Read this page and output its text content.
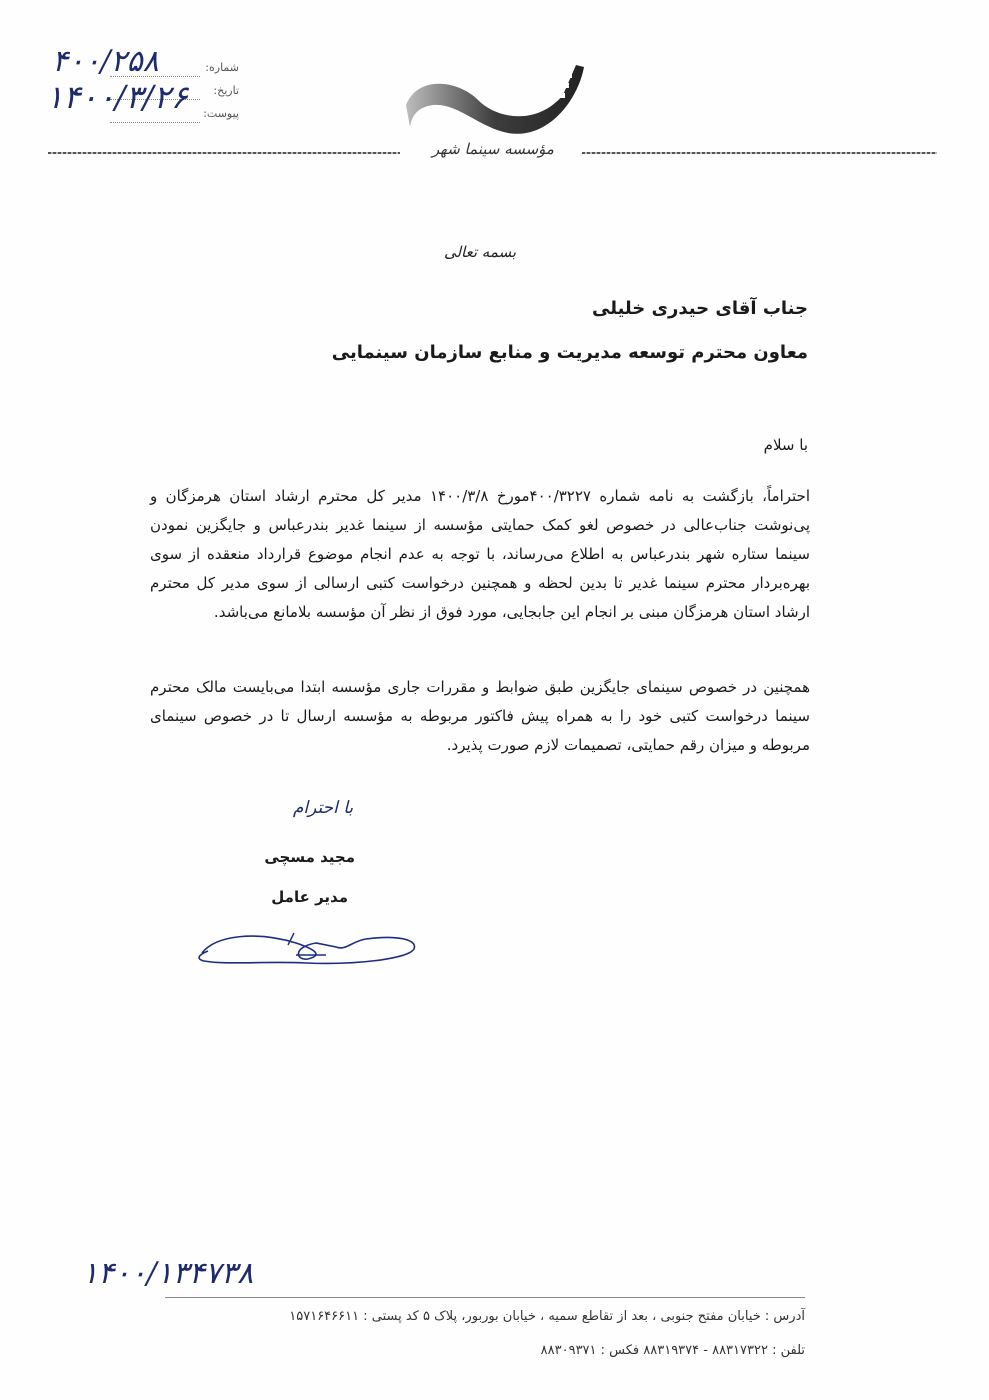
شماره:
تاریخ:
پیوست:
۴۰۰/۲۵۸
۱۴۰۰/۳/۲۶
مؤسسه سینما شهر
بسمه تعالی
جناب آقای حیدری خلیلی
معاون محترم توسعه مدیریت و منابع سازمان سینمایی
با سلام
احتراماً، بازگشت به نامه شماره ۴۰۰/۳۲۲۷مورخ ۱۴۰۰/۳/۸ مدیر کل محترم ارشاد استان هرمزگان و پی‌نوشت جناب‌عالی در خصوص لغو کمک حمایتی مؤسسه از سینما غدیر بندرعباس و جایگزین نمودن سینما ستاره شهر بندرعباس به اطلاع می‌رساند، با توجه به عدم انجام موضوع قرارداد منعقده از سوی بهره‌بردار محترم سینما غدیر تا بدین لحظه و همچنین درخواست کتبی ارسالی از سوی مدیر کل محترم ارشاد استان هرمزگان مبنی بر انجام این جابجایی، مورد فوق از نظر آن مؤسسه بلامانع می‌باشد.
همچنین در خصوص سینمای جایگزین طبق ضوابط و مقررات جاری مؤسسه ابتدا می‌بایست مالک محترم سینما درخواست کتبی خود را به همراه پیش فاکتور مربوطه به مؤسسه ارسال تا در خصوص سینمای مربوطه و میزان رقم حمایتی، تصمیمات لازم صورت پذیرد.
با احترام
مجید مسچی
مدیر عامل
۱۴۰۰/۱۳۴۷۳۸
آدرس : خیابان مفتح جنوبی ، بعد از تقاطع سمیه ، خیابان بوربور، پلاک ۵ کد پستی : ۱۵۷۱۶۴۶۶۱۱
تلفن : ۸۸۳۱۷۳۲۲ - ۸۸۳۱۹۳۷۴ فکس : ۸۸۳۰۹۳۷۱
